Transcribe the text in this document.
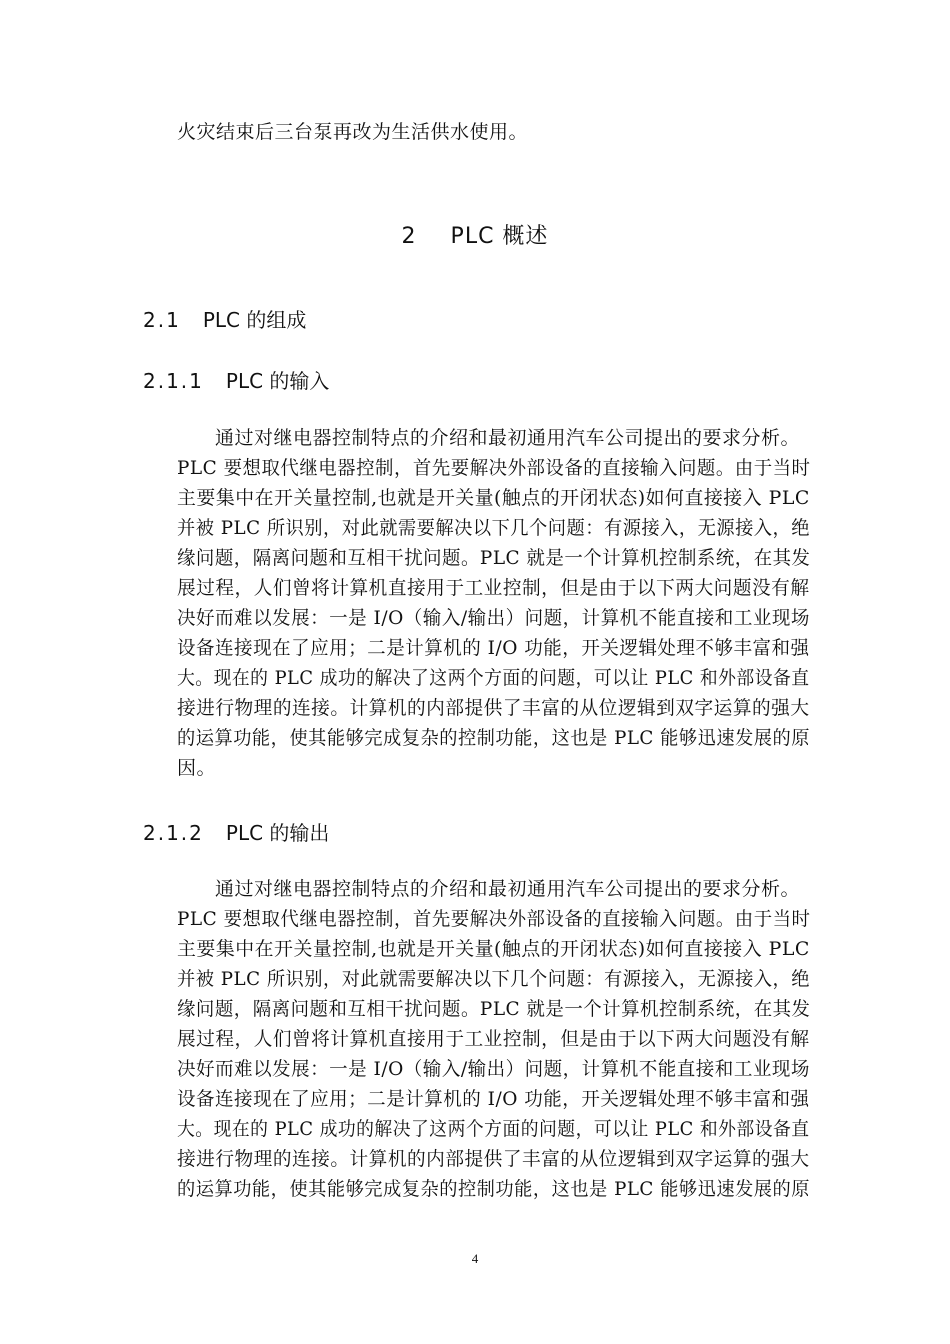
火灾结束后三台泵再改为生活供水使用。
2 PLC 概述
2.1 PLC 的组成
2.1.1 PLC 的输入
通过对继电器控制特点的介绍和最初通用汽车公司提出的要求分析。
PLC 要想取代继电器控制，首先要解决外部设备的直接输入问题。由于当时
主要集中在开关量控制,也就是开关量(触点的开闭状态)如何直接接入 PLC
并被 PLC 所识别，对此就需要解决以下几个问题：有源接入，无源接入，绝
缘问题，隔离问题和互相干扰问题。PLC 就是一个计算机控制系统，在其发
展过程，人们曾将计算机直接用于工业控制，但是由于以下两大问题没有解
决好而难以发展：一是 I/O（输入/输出）问题，计算机不能直接和工业现场
设备连接现在了应用；二是计算机的 I/O 功能，开关逻辑处理不够丰富和强
大。现在的 PLC 成功的解决了这两个方面的问题，可以让 PLC 和外部设备直
接进行物理的连接。计算机的内部提供了丰富的从位逻辑到双字运算的强大
的运算功能，使其能够完成复杂的控制功能，这也是 PLC 能够迅速发展的原
因。
2.1.2 PLC 的输出
通过对继电器控制特点的介绍和最初通用汽车公司提出的要求分析。
PLC 要想取代继电器控制，首先要解决外部设备的直接输入问题。由于当时
主要集中在开关量控制,也就是开关量(触点的开闭状态)如何直接接入 PLC
并被 PLC 所识别，对此就需要解决以下几个问题：有源接入，无源接入，绝
缘问题，隔离问题和互相干扰问题。PLC 就是一个计算机控制系统，在其发
展过程，人们曾将计算机直接用于工业控制，但是由于以下两大问题没有解
决好而难以发展：一是 I/O（输入/输出）问题，计算机不能直接和工业现场
设备连接现在了应用；二是计算机的 I/O 功能，开关逻辑处理不够丰富和强
大。现在的 PLC 成功的解决了这两个方面的问题，可以让 PLC 和外部设备直
接进行物理的连接。计算机的内部提供了丰富的从位逻辑到双字运算的强大
的运算功能，使其能够完成复杂的控制功能，这也是 PLC 能够迅速发展的原
4
